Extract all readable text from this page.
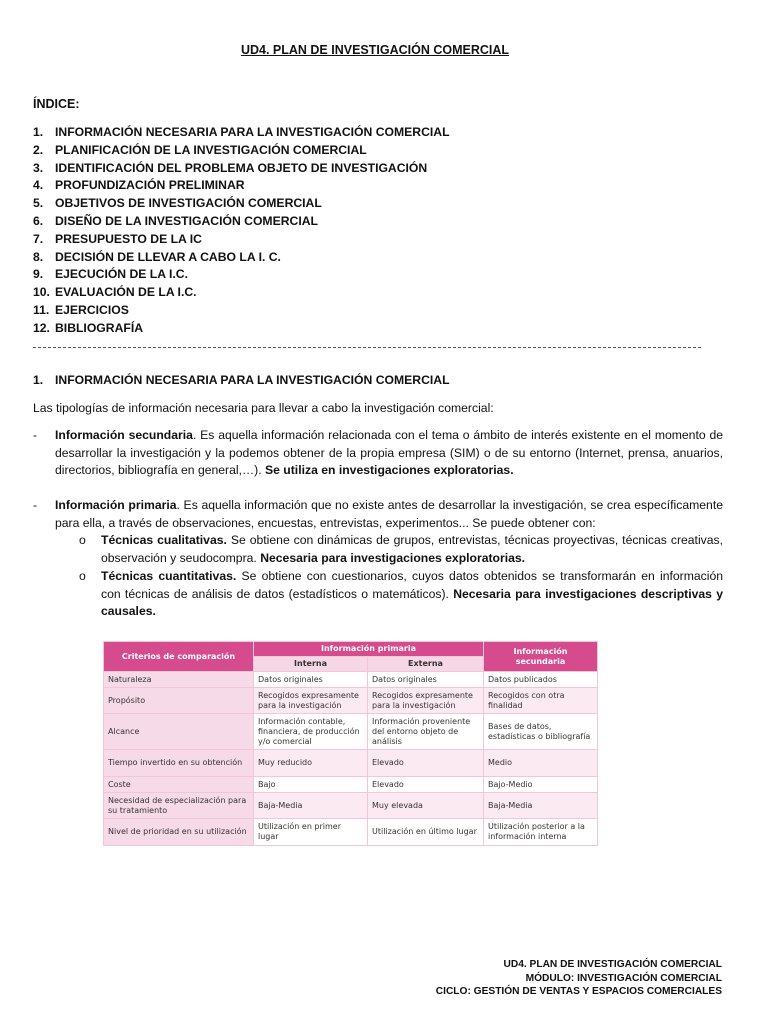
UD4. PLAN DE INVESTIGACIÓN COMERCIAL
ÍNDICE:
1. INFORMACIÓN NECESARIA PARA LA INVESTIGACIÓN COMERCIAL
2. PLANIFICACIÓN DE LA INVESTIGACIÓN COMERCIAL
3. IDENTIFICACIÓN DEL PROBLEMA OBJETO DE INVESTIGACIÓN
4. PROFUNDIZACIÓN PRELIMINAR
5. OBJETIVOS DE INVESTIGACIÓN COMERCIAL
6. DISEÑO DE LA INVESTIGACIÓN COMERCIAL
7. PRESUPUESTO DE LA IC
8. DECISIÓN DE LLEVAR A CABO LA I. C.
9. EJECUCIÓN DE LA I.C.
10. EVALUACIÓN DE LA I.C.
11. EJERCICIOS
12. BIBLIOGRAFÍA
1. INFORMACIÓN NECESARIA PARA LA INVESTIGACIÓN COMERCIAL
Las tipologías de información necesaria para llevar a cabo la investigación comercial:
- Información secundaria. Es aquella información relacionada con el tema o ámbito de interés existente en el momento de desarrollar la investigación y la podemos obtener de la propia empresa (SIM) o de su entorno (Internet, prensa, anuarios, directorios, bibliografía en general,…). Se utiliza en investigaciones exploratorias.
- Información primaria. Es aquella información que no existe antes de desarrollar la investigación, se crea específicamente para ella, a través de observaciones, encuestas, entrevistas, experimentos... Se puede obtener con:
o Técnicas cualitativas. Se obtiene con dinámicas de grupos, entrevistas, técnicas proyectivas, técnicas creativas, observación y seudocompra. Necesaria para investigaciones exploratorias.
o Técnicas cuantitativas. Se obtiene con cuestionarios, cuyos datos obtenidos se transformarán en información con técnicas de análisis de datos (estadísticos o matemáticos). Necesaria para investigaciones descriptivas y causales.
Criterios de comparación	Información primaria		Información secundaria
	Interna	Externa	
Naturaleza	Datos originales	Datos originales	Datos publicados
Propósito	Recogidos expresamente para la investigación	Recogidos expresamente para la investigación	Recogidos con otra finalidad
Alcance	Información contable, financiera, de producción y/o comercial	Información proveniente del entorno objeto de análisis	Bases de datos, estadísticas o bibliografía
Tiempo invertido en su obtención	Muy reducido	Elevado	Medio
Coste	Bajo	Elevado	Bajo-Medio
Necesidad de especialización para su tratamiento	Baja-Media	Muy elevada	Baja-Media
Nivel de prioridad en su utilización	Utilización en primer lugar	Utilización en último lugar	Utilización posterior a la información interna
UD4. PLAN DE INVESTIGACIÓN COMERCIAL
MÓDULO: INVESTIGACIÓN COMERCIAL
CICLO: GESTIÓN DE VENTAS Y ESPACIOS COMERCIALES
